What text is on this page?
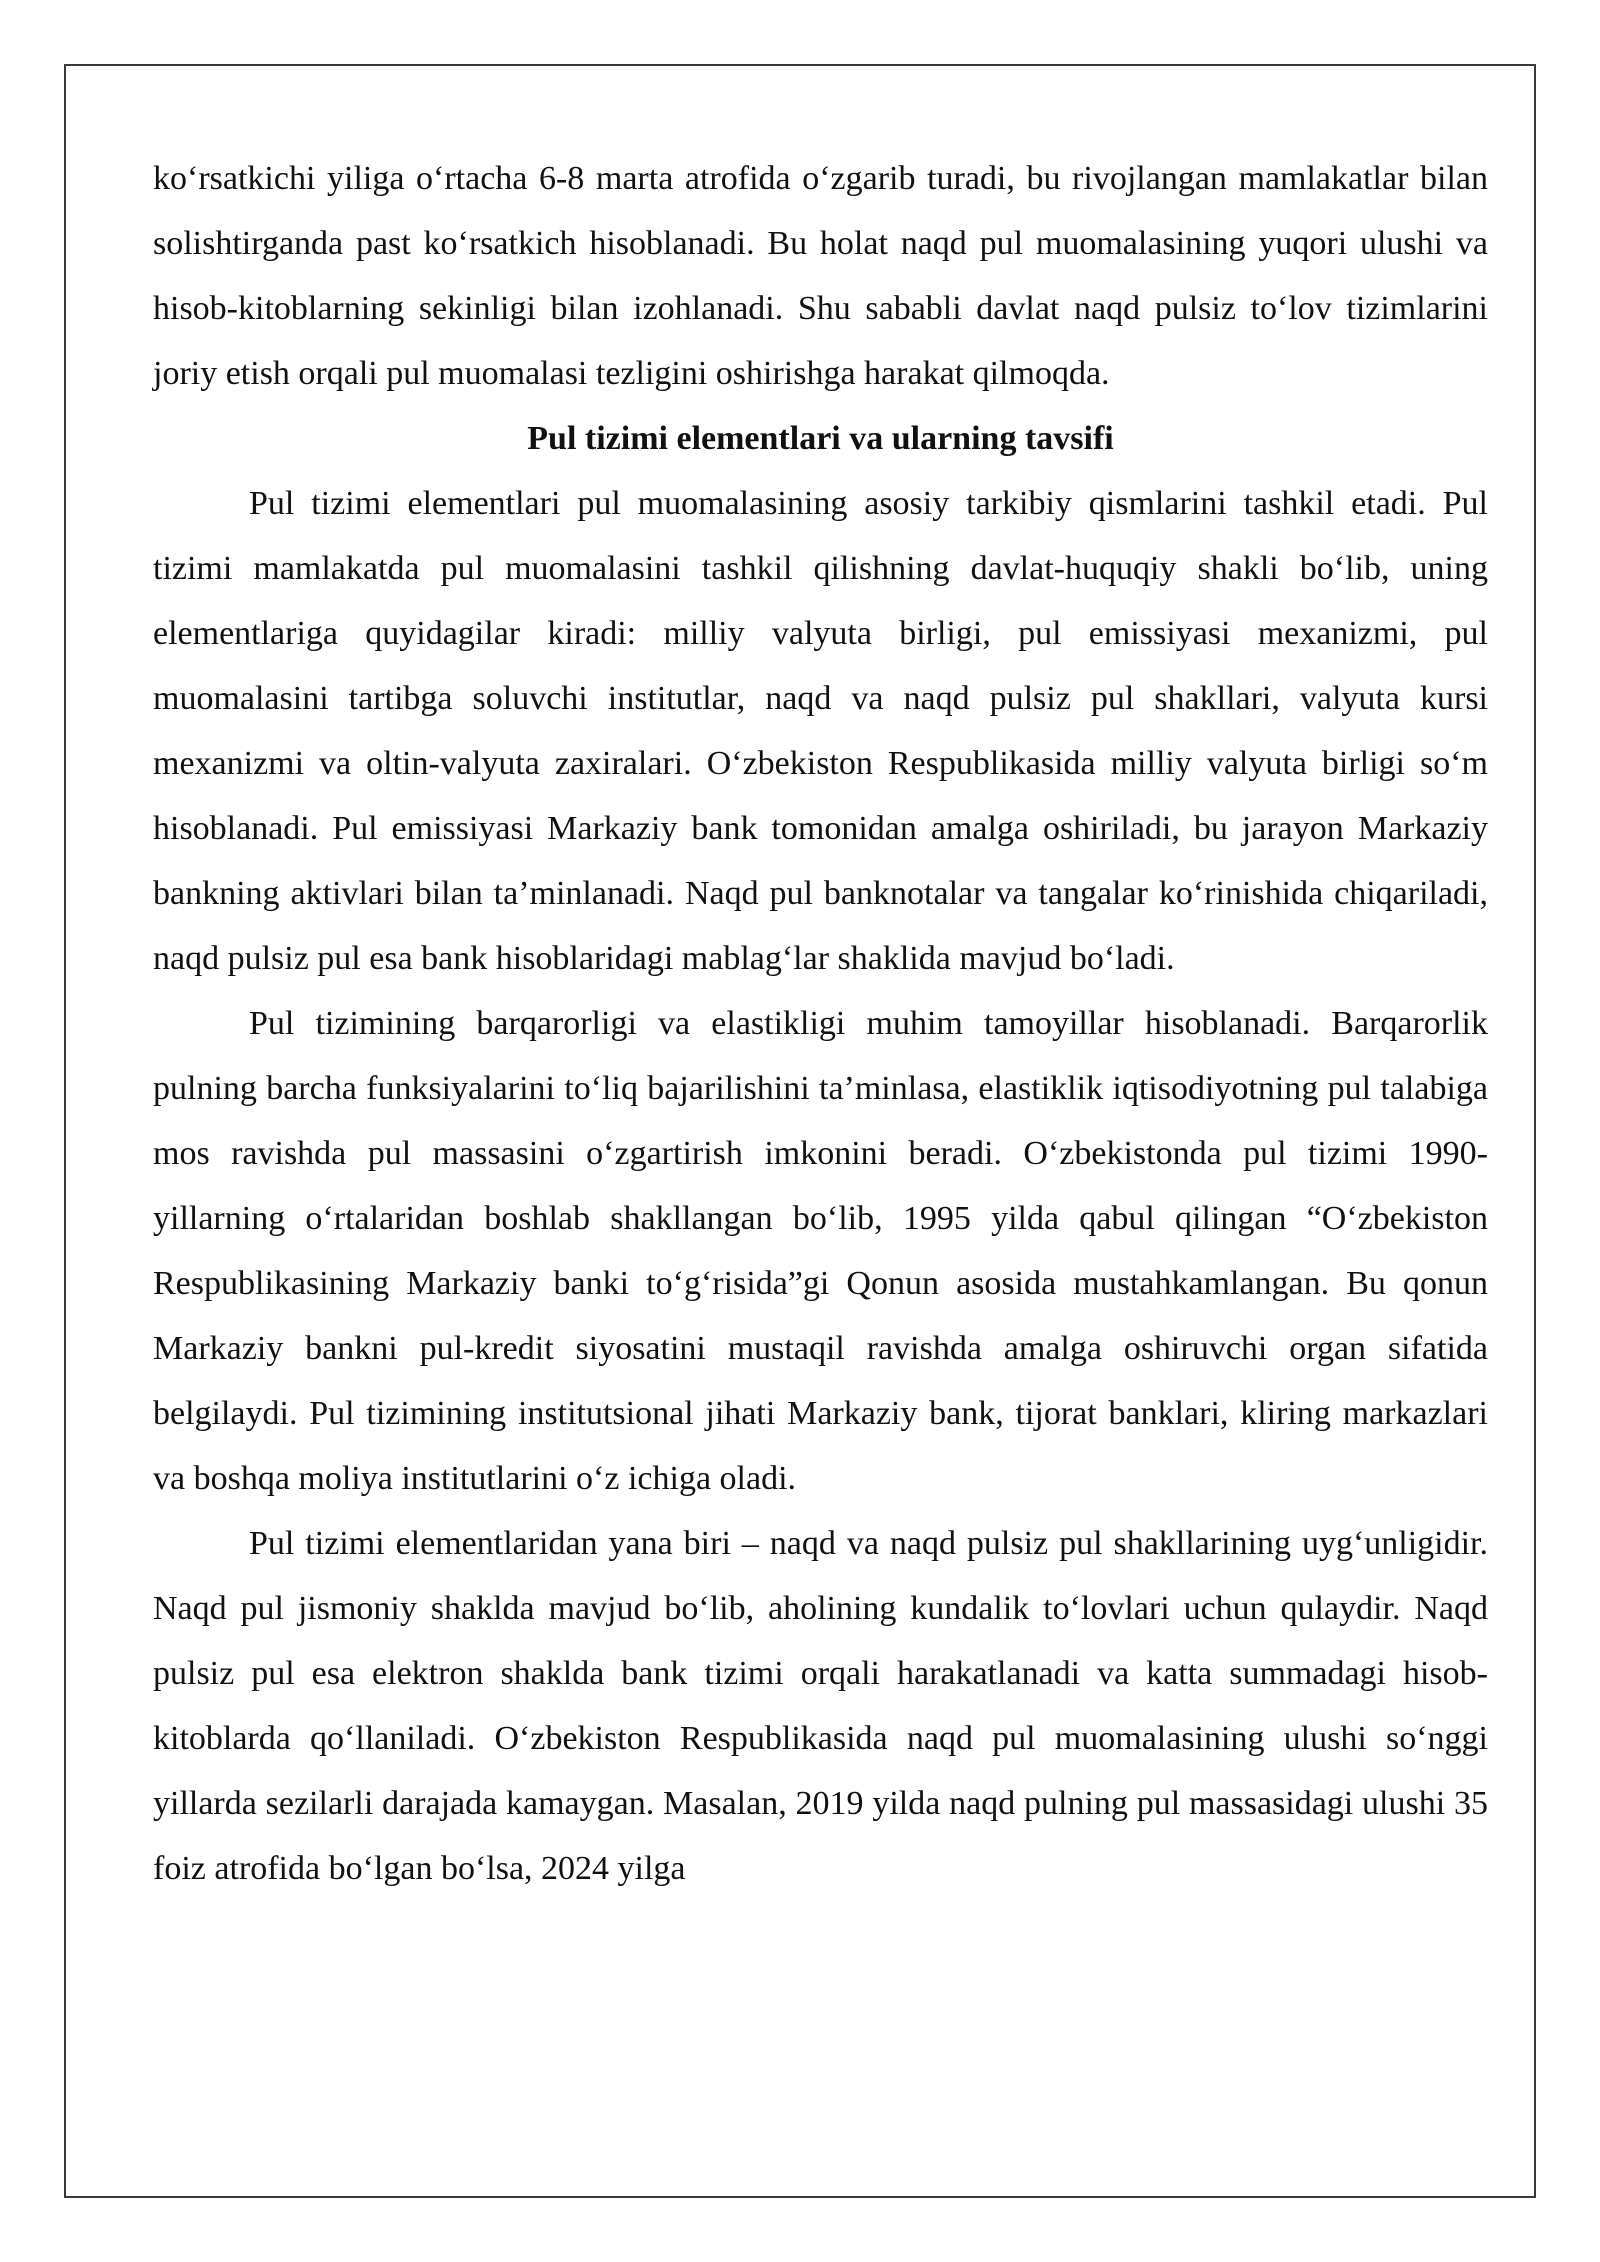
ko‘rsatkichi yiliga o‘rtacha 6-8 marta atrofida o‘zgarib turadi, bu rivojlangan mamlakatlar bilan solishtirganda past ko‘rsatkich hisoblanadi. Bu holat naqd pul muomalasining yuqori ulushi va hisob-kitoblarning sekinligi bilan izohlanadi. Shu sababli davlat naqd pulsiz to‘lov tizimlarini joriy etish orqali pul muomalasi tezligini oshirishga harakat qilmoqda.

Pul tizimi elementlari va ularning tavsifi

Pul tizimi elementlari pul muomalasining asosiy tarkibiy qismlarini tashkil etadi. Pul tizimi mamlakatda pul muomalasini tashkil qilishning davlat-huquqiy shakli bo‘lib, uning elementlariga quyidagilar kiradi: milliy valyuta birligi, pul emissiyasi mexanizmi, pul muomalasini tartibga soluvchi institutlar, naqd va naqd pulsiz pul shakllari, valyuta kursi mexanizmi va oltin-valyuta zaxiralari. O‘zbekiston Respublikasida milliy valyuta birligi so‘m hisoblanadi. Pul emissiyasi Markaziy bank tomonidan amalga oshiriladi, bu jarayon Markaziy bankning aktivlari bilan ta’minlanadi. Naqd pul banknotalar va tangalar ko‘rinishida chiqariladi, naqd pulsiz pul esa bank hisoblaridagi mablag‘lar shaklida mavjud bo‘ladi.

Pul tizimining barqarorligi va elastikligi muhim tamoyillar hisoblanadi. Barqarorlik pulning barcha funksiyalarini to‘liq bajarilishini ta’minlasa, elastiklik iqtisodiyotning pul talabiga mos ravishda pul massasini o‘zgartirish imkonini beradi. O‘zbekistonda pul tizimi 1990-yillarning o‘rtalaridan boshlab shakllangan bo‘lib, 1995 yilda qabul qilingan “O‘zbekiston Respublikasining Markaziy banki to‘g‘risida”gi Qonun asosida mustahkamlangan. Bu qonun Markaziy bankni pul-kredit siyosatini mustaqil ravishda amalga oshiruvchi organ sifatida belgilaydi. Pul tizimining institutsional jihati Markaziy bank, tijorat banklari, kliring markazlari va boshqa moliya institutlarini o‘z ichiga oladi.

Pul tizimi elementlaridan yana biri – naqd va naqd pulsiz pul shakllarining uyg‘unligidir. Naqd pul jismoniy shaklda mavjud bo‘lib, aholining kundalik to‘lovlari uchun qulaydir. Naqd pulsiz pul esa elektron shaklda bank tizimi orqali harakatlanadi va katta summadagi hisob-kitoblarda qo‘llaniladi. O‘zbekiston Respublikasida naqd pul muomalasining ulushi so‘nggi yillarda sezilarli darajada kamaygan. Masalan, 2019 yilda naqd pulning pul massasidagi ulushi 35 foiz atrofida bo‘lgan bo‘lsa, 2024 yilga
